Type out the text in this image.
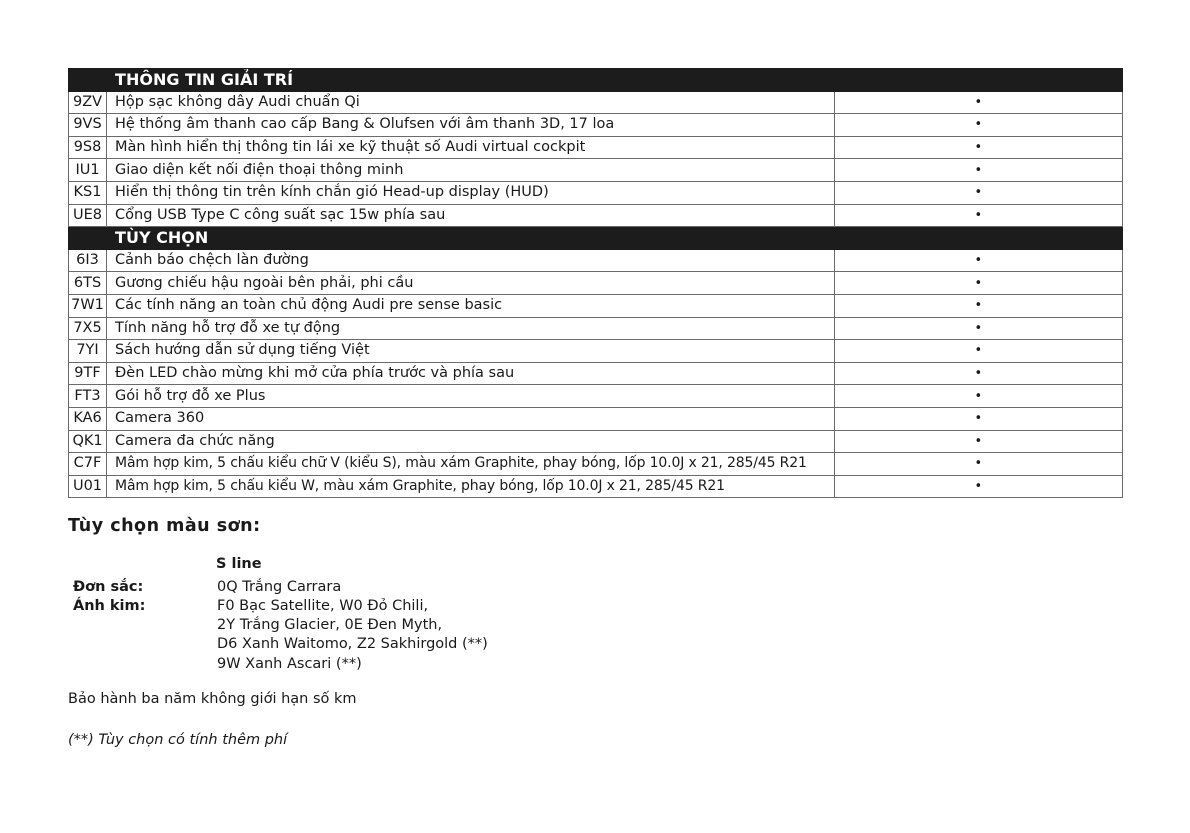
	THÔNG TIN GIẢI TRÍ	
9ZV	Hộp sạc không dây Audi chuẩn Qi	•
9VS	Hệ thống âm thanh cao cấp Bang & Olufsen với âm thanh 3D, 17 loa	•
9S8	Màn hình hiển thị thông tin lái xe kỹ thuật số Audi virtual cockpit	•
IU1	Giao diện kết nối điện thoại thông minh	•
KS1	Hiển thị thông tin trên kính chắn gió Head-up display (HUD)	•
UE8	Cổng USB Type C công suất sạc 15w phía sau	•
	TÙY CHỌN	
6I3	Cảnh báo chệch làn đường	•
6TS	Gương chiếu hậu ngoài bên phải, phi cầu	•
7W1	Các tính năng an toàn chủ động Audi pre sense basic	•
7X5	Tính năng hỗ trợ đỗ xe tự động	•
7YI	Sách hướng dẫn sử dụng tiếng Việt	•
9TF	Đèn LED chào mừng khi mở cửa phía trước và phía sau	•
FT3	Gói hỗ trợ đỗ xe Plus	•
KA6	Camera 360	•
QK1	Camera đa chức năng	•
C7F	Mâm hợp kim, 5 chấu kiểu chữ V (kiểu S), màu xám Graphite, phay bóng, lốp 10.0J x 21, 285/45 R21	•
U01	Mâm hợp kim, 5 chấu kiểu W, màu xám Graphite, phay bóng, lốp 10.0J x 21, 285/45 R21	•
Tùy chọn màu sơn:
S line
Đơn sắc:	0Q Trắng Carrara
Ánh kim:	F0 Bạc Satellite, W0 Đỏ Chili,
2Y Trắng Glacier, 0E Đen Myth,
D6 Xanh Waitomo, Z2 Sakhirgold (**)
9W Xanh Ascari (**)
Bảo hành ba năm không giới hạn số km
(**) Tùy chọn có tính thêm phí
